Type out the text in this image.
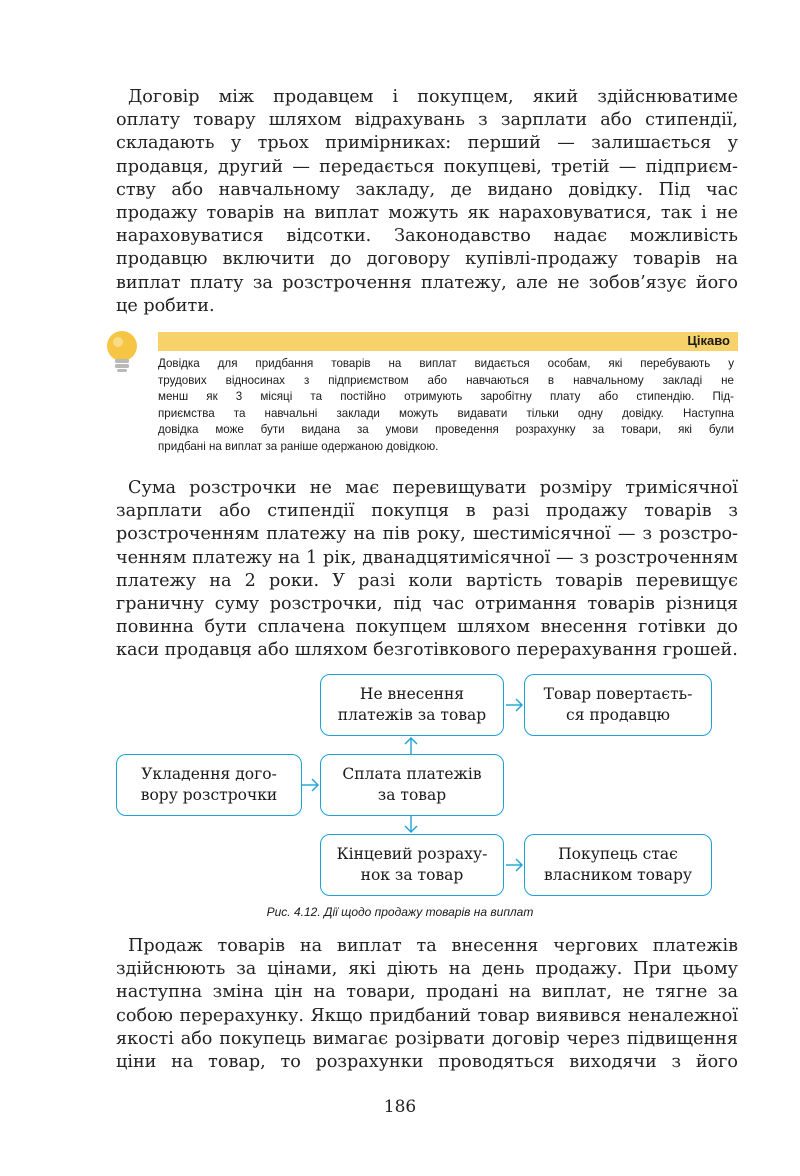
Договір між продавцем і покупцем, який здійснюватиме
оплату товару шляхом відрахувань з зарплати або стипендії,
складають у трьох примірниках: перший — залишається у
продавця, другий — передається покупцеві, третій — підприєм-
ству або навчальному закладу, де видано довідку. Під час
продажу товарів на виплат можуть як нараховуватися, так і не
нараховуватися відсотки. Законодавство надає можливість
продавцю включити до договору купівлі-продажу товарів на
виплат плату за розстрочення платежу, але не зобов’язує його
це робити.
Цікаво
Довідка для придбання товарів на виплат видається особам, які перебувають у
трудових відносинах з підприємством або навчаються в навчальному закладі не
менш як 3 місяці та постійно отримують заробітну плату або стипендію. Під-
приємства та навчальні заклади можуть видавати тільки одну довідку. Наступна
довідка може бути видана за умови проведення розрахунку за товари, які були
придбані на виплат за раніше одержаною довідкою.
Сума розстрочки не має перевищувати розміру тримісячної
зарплати або стипендії покупця в разі продажу товарів з
розстроченням платежу на пів року, шестимісячної — з розстро-
ченням платежу на 1 рік, дванадцятимісячної — з розстроченням
платежу на 2 роки. У разі коли вартість товарів перевищує
граничну суму розстрочки, під час отримання товарів різниця
повинна бути сплачена покупцем шляхом внесення готівки до
каси продавця або шляхом безготівкового перерахування грошей.
Укладення дого-
вору розстрочки
Сплата платежів
за товар
Не внесення
платежів за товар
Товар повертаєть-
ся продавцю
Кінцевий розраху-
нок за товар
Покупець стає
власником товару
Рис. 4.12. Дії щодо продажу товарів на виплат
Продаж товарів на виплат та внесення чергових платежів
здійснюють за цінами, які діють на день продажу. При цьому
наступна зміна цін на товари, продані на виплат, не тягне за
собою перерахунку. Якщо придбаний товар виявився неналежної
якості або покупець вимагає розірвати договір через підвищення
ціни на товар, то розрахунки проводяться виходячи з його
186
